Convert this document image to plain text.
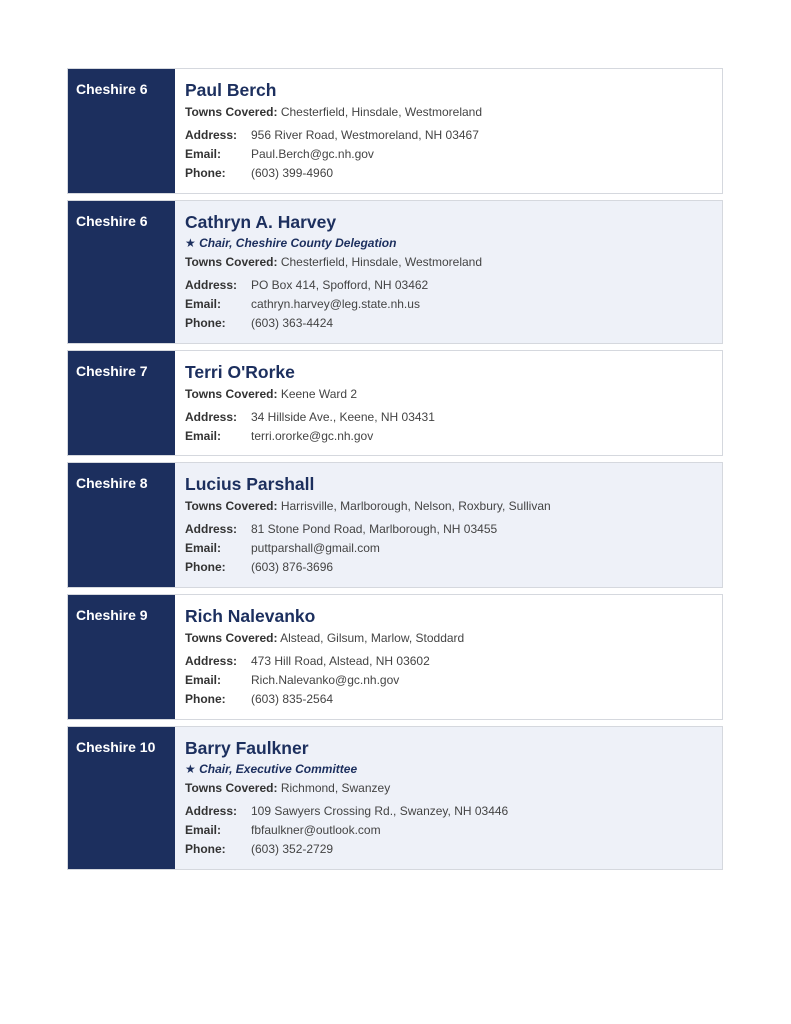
Cheshire 6	Paul Berch
Towns Covered: Chesterfield, Hinsdale, Westmoreland
Address:	956 River Road, Westmoreland, NH 03467
Email:	Paul.Berch@gc.nh.gov
Phone:	(603) 399-4960
Cheshire 6	Cathryn A. Harvey
★ Chair, Cheshire County Delegation
Towns Covered: Chesterfield, Hinsdale, Westmoreland
Address:	PO Box 414, Spofford, NH 03462
Email:	cathryn.harvey@leg.state.nh.us
Phone:	(603) 363-4424
Cheshire 7	Terri O'Rorke
Towns Covered: Keene Ward 2
Address:	34 Hillside Ave., Keene, NH 03431
Email:	terri.ororke@gc.nh.gov
Cheshire 8	Lucius Parshall
Towns Covered: Harrisville, Marlborough, Nelson, Roxbury, Sullivan
Address:	81 Stone Pond Road, Marlborough, NH 03455
Email:	puttparshall@gmail.com
Phone:	(603) 876-3696
Cheshire 9	Rich Nalevanko
Towns Covered: Alstead, Gilsum, Marlow, Stoddard
Address:	473 Hill Road, Alstead, NH 03602
Email:	Rich.Nalevanko@gc.nh.gov
Phone:	(603) 835-2564
Cheshire 10	Barry Faulkner
★ Chair, Executive Committee
Towns Covered: Richmond, Swanzey
Address:	109 Sawyers Crossing Rd., Swanzey, NH 03446
Email:	fbfaulkner@outlook.com
Phone:	(603) 352-2729
